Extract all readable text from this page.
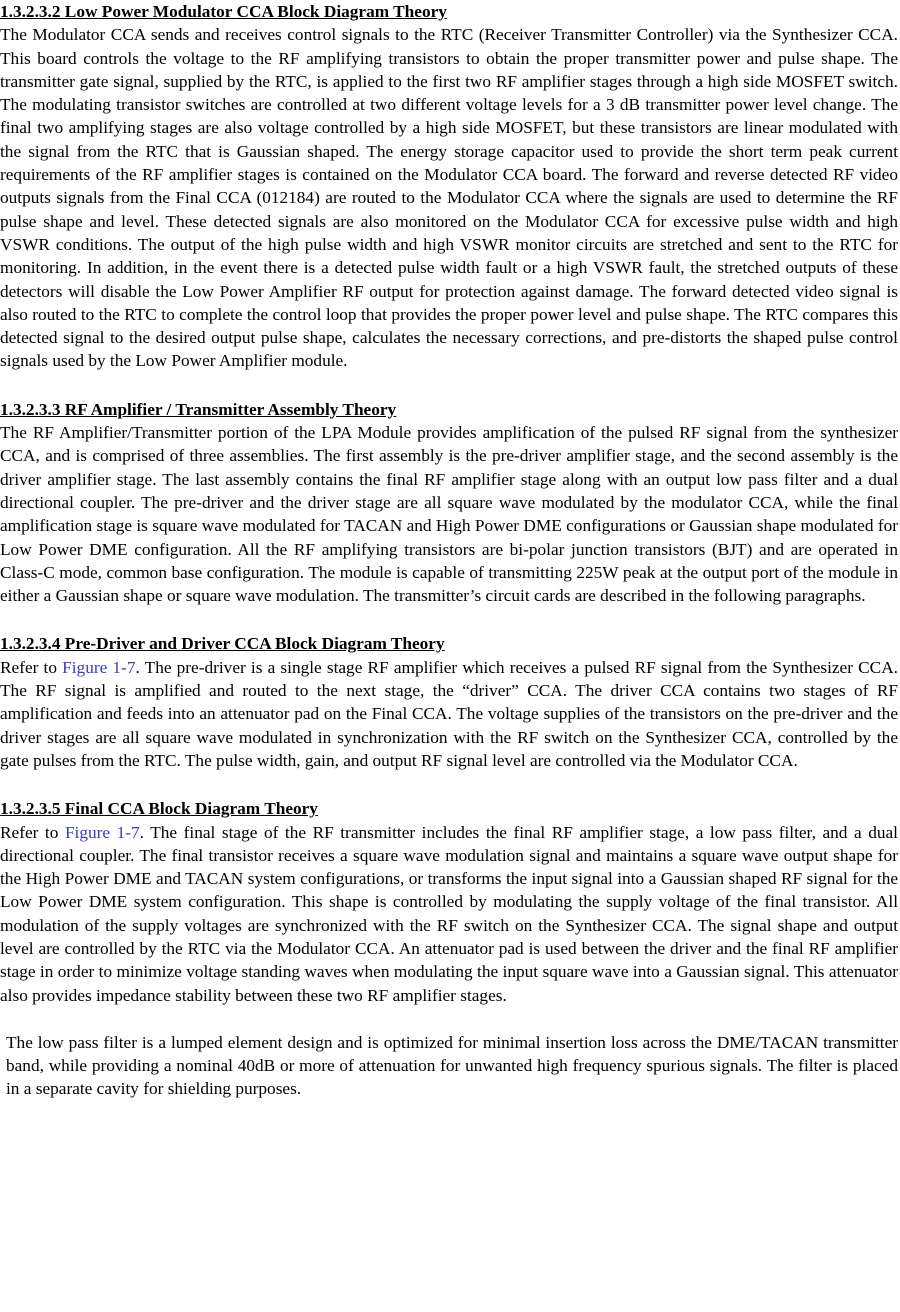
1.3.2.3.2 Low Power Modulator CCA Block Diagram Theory

The Modulator CCA sends and receives control signals to the RTC (Receiver Transmitter Controller) via the Synthesizer CCA. This board controls the voltage to the RF amplifying transistors to obtain the proper transmitter power and pulse shape. The transmitter gate signal, supplied by the RTC, is applied to the first two RF amplifier stages through a high side MOSFET switch. The modulating transistor switches are controlled at two different voltage levels for a 3 dB transmitter power level change. The final two amplifying stages are also voltage controlled by a high side MOSFET, but these transistors are linear modulated with the signal from the RTC that is Gaussian shaped. The energy storage capacitor used to provide the short term peak current requirements of the RF amplifier stages is contained on the Modulator CCA board. The forward and reverse detected RF video outputs signals from the Final CCA (012184) are routed to the Modulator CCA where the signals are used to determine the RF pulse shape and level. These detected signals are also monitored on the Modulator CCA for excessive pulse width and high VSWR conditions. The output of the high pulse width and high VSWR monitor circuits are stretched and sent to the RTC for monitoring. In addition, in the event there is a detected pulse width fault or a high VSWR fault, the stretched outputs of these detectors will disable the Low Power Amplifier RF output for protection against damage. The forward detected video signal is also routed to the RTC to complete the control loop that provides the proper power level and pulse shape. The RTC compares this detected signal to the desired output pulse shape, calculates the necessary corrections, and pre-distorts the shaped pulse control signals used by the Low Power Amplifier module.

1.3.2.3.3 RF Amplifier / Transmitter Assembly Theory

The RF Amplifier/Transmitter portion of the LPA Module provides amplification of the pulsed RF signal from the synthesizer CCA, and is comprised of three assemblies. The first assembly is the pre-driver amplifier stage, and the second assembly is the driver amplifier stage. The last assembly contains the final RF amplifier stage along with an output low pass filter and a dual directional coupler. The pre-driver and the driver stage are all square wave modulated by the modulator CCA, while the final amplification stage is square wave modulated for TACAN and High Power DME configurations or Gaussian shape modulated for Low Power DME configuration. All the RF amplifying transistors are bi-polar junction transistors (BJT) and are operated in Class-C mode, common base configuration. The module is capable of transmitting 225W peak at the output port of the module in either a Gaussian shape or square wave modulation. The transmitter’s circuit cards are described in the following paragraphs.

1.3.2.3.4 Pre-Driver and Driver CCA Block Diagram Theory

Refer to Figure 1-7. The pre-driver is a single stage RF amplifier which receives a pulsed RF signal from the Synthesizer CCA. The RF signal is amplified and routed to the next stage, the “driver” CCA. The driver CCA contains two stages of RF amplification and feeds into an attenuator pad on the Final CCA. The voltage supplies of the transistors on the pre-driver and the driver stages are all square wave modulated in synchronization with the RF switch on the Synthesizer CCA, controlled by the gate pulses from the RTC. The pulse width, gain, and output RF signal level are controlled via the Modulator CCA.

1.3.2.3.5 Final CCA Block Diagram Theory

Refer to Figure 1-7. The final stage of the RF transmitter includes the final RF amplifier stage, a low pass filter, and a dual directional coupler. The final transistor receives a square wave modulation signal and maintains a square wave output shape for the High Power DME and TACAN system configurations, or transforms the input signal into a Gaussian shaped RF signal for the Low Power DME system configuration. This shape is controlled by modulating the supply voltage of the final transistor. All modulation of the supply voltages are synchronized with the RF switch on the Synthesizer CCA. The signal shape and output level are controlled by the RTC via the Modulator CCA. An attenuator pad is used between the driver and the final RF amplifier stage in order to minimize voltage standing waves when modulating the input square wave into a Gaussian signal. This attenuator also provides impedance stability between these two RF amplifier stages.

The low pass filter is a lumped element design and is optimized for minimal insertion loss across the DME/TACAN transmitter band, while providing a nominal 40dB or more of attenuation for unwanted high frequency spurious signals. The filter is placed in a separate cavity for shielding purposes.
